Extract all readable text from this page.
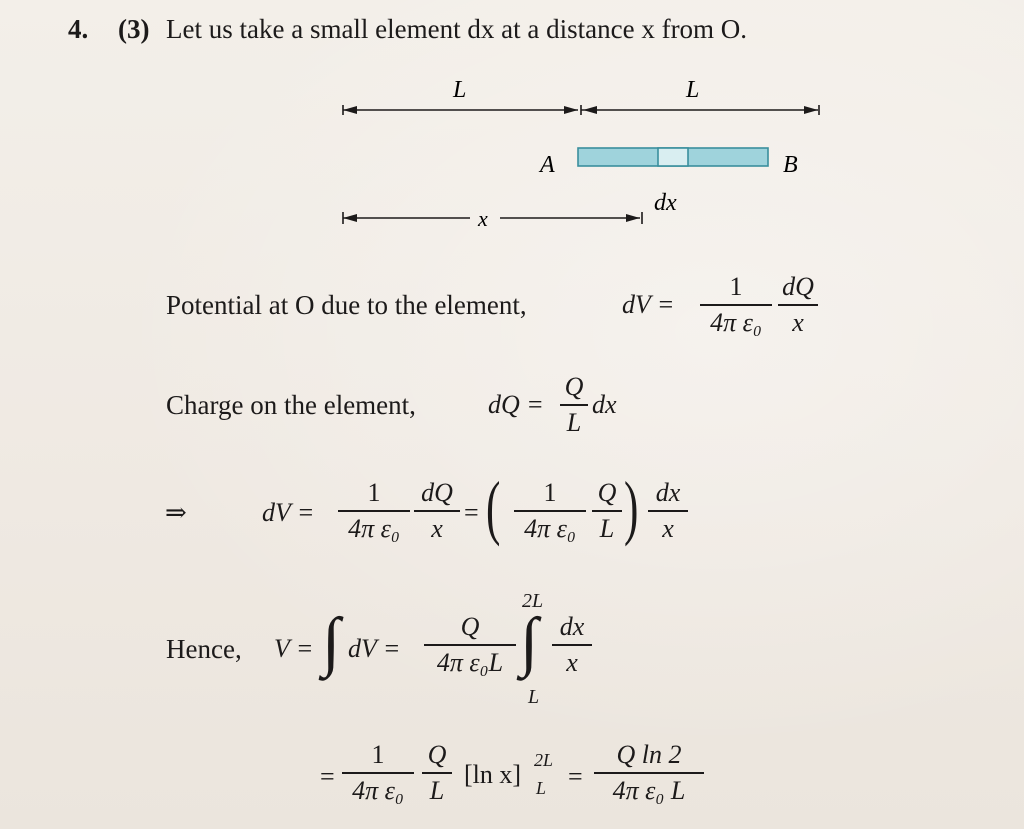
4. (3) Let us take a small element dx at a distance x from O.
L	L
A	B
dx
x
Potential at O due to the element,	dV =
1
4π ε₀
dQ
x
Charge on the element,	dQ =
Q
L
dx
⇒	dV =
1
4π ε₀
dQ
x
= ( 1
4π ε₀
Q
L ) dx
x
Hence, V = ∫ dV =
Q
4π ε₀L
2L
∫
L
dx
x
=
1
4π ε₀
Q
L
[ln x] 2L
L =
Q ln 2
4π ε₀ L
